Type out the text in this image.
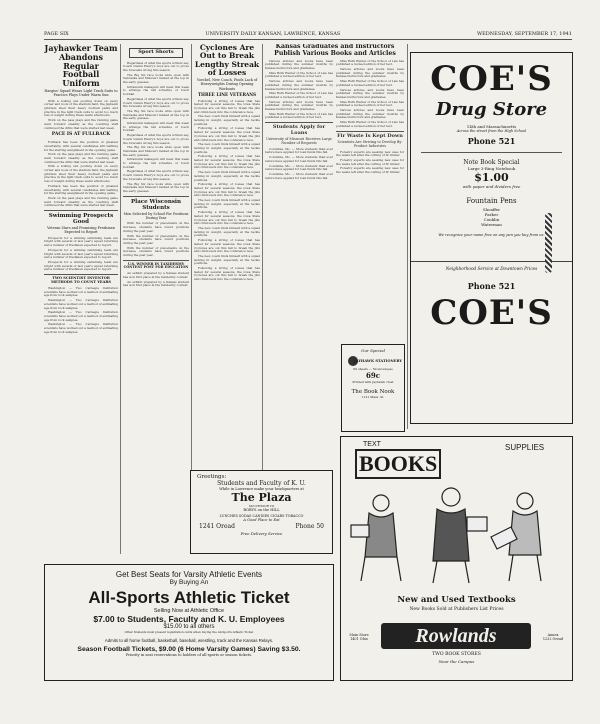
PAGE SIX	UNIVERSITY DAILY KANSAN, LAWRENCE, KANSAS	WEDNESDAY, SEPTEMBER 17, 1941
Jayhawker Team Abandons Regular Football Uniform
Hargiss' Squad Wears Light Track Suits to Practice Plays Under Warm Sun

With a boiling sun pouring down on every corner and nook of the stadium field, the Jayhawk gridders shed their heavy football pants and practice in the light track suits to avoid too much loss of weight during these warm afternoons.

Work on the pass plays and the running game went forward steadily as the coaching staff continued the drills that were started last week.

PACE IS AT FULLBACK

Fullback has been the position of greatest uncertainty, with several candidates still battling for the starting assignment in the opening game.

Work on the pass plays and the running game went forward steadily as the coaching staff continued the drills that were started last week.

With a boiling sun pouring down on every corner and nook of the stadium field, the Jayhawk gridders shed their heavy football pants and practice in the light track suits to avoid too much loss of weight during these warm afternoons.

Fullback has been the position of greatest uncertainty, with several candidates still battling for the starting assignment in the opening game.

Work on the pass plays and the running game went forward steadily as the coaching staff continued the drills that were started last week.

Swimming Prospects Good
Veteran Stars and Promising Freshmen Expected to Report

Prospects for a winning swimming team are bright with several of last year's squad returning and a number of freshmen expected to report.

Prospects for a winning swimming team are bright with several of last year's squad returning and a number of freshmen expected to report.

Prospects for a winning swimming team are bright with several of last year's squad returning and a number of freshmen expected to report.

TWO SCIENTIST INVENTOR METHODS TO COUNT YEARS

Washington — Two Carnegie Institution scientists have worked out a method of estimating age from rock samples.

Washington — Two Carnegie Institution scientists have worked out a method of estimating age from rock samples.

Washington — Two Carnegie Institution scientists have worked out a method of estimating age from rock samples.

Washington — Two Carnegie Institution scientists have worked out a method of estimating age from rock samples.

Sport Shorts

Regardless of what the sports writers say, Coach Gwinn Henry's boys are out to prove the forecasts wrong this season.

The Big Six race looks wide open with Nebraska and Missouri ranked at the top in the early guesses.

Intramural managers will meet this week to arrange the fall schedule of touch football.

Regardless of what the sports writers say, Coach Gwinn Henry's boys are out to prove the forecasts wrong this season.

The Big Six race looks wide open with Nebraska and Missouri ranked at the top in the early guesses.

Intramural managers will meet this week to arrange the fall schedule of touch football.

Regardless of what the sports writers say, Coach Gwinn Henry's boys are out to prove the forecasts wrong this season.

The Big Six race looks wide open with Nebraska and Missouri ranked at the top in the early guesses.

Intramural managers will meet this week to arrange the fall schedule of touch football.

Regardless of what the sports writers say, Coach Gwinn Henry's boys are out to prove the forecasts wrong this season.

The Big Six race looks wide open with Nebraska and Missouri ranked at the top in the early guesses.

Place Wisconsin Students
Men Selected by School For Positions During Year

With the number of placements on the increase, students have found positions during the past year.

With the number of placements on the increase, students have found positions during the past year.

With the number of placements on the increase, students have found positions during the past year.

U.S. WINNER IN TAXIDERMY CONTEST POST FOR EDUCATION

An exhibit prepared by a Kansas student has won first place in the taxidermy contest.

An exhibit prepared by a Kansas student has won first place in the taxidermy contest.

Cyclones Are Out to Break Lengthy Streak of Losses
Yoeckel, New Coach, Finds Lack of Heavyweights During Opening Workouts
THREE LINE VETERANS

Following a string of losses that has lasted for several seasons, the Iowa State Cyclones are out this fall to break the jinx and climb back into the conference race.

The new coach finds himself with a squad lacking in weight, especially at the tackle positions.

Following a string of losses that has lasted for several seasons, the Iowa State Cyclones are out this fall to break the jinx and climb back into the conference race.

The new coach finds himself with a squad lacking in weight, especially at the tackle positions.

Following a string of losses that has lasted for several seasons, the Iowa State Cyclones are out this fall to break the jinx and climb back into the conference race.

The new coach finds himself with a squad lacking in weight, especially at the tackle positions.

Following a string of losses that has lasted for several seasons, the Iowa State Cyclones are out this fall to break the jinx and climb back into the conference race.

The new coach finds himself with a squad lacking in weight, especially at the tackle positions.

Following a string of losses that has lasted for several seasons, the Iowa State Cyclones are out this fall to break the jinx and climb back into the conference race.

The new coach finds himself with a squad lacking in weight, especially at the tackle positions.

Following a string of losses that has lasted for several seasons, the Iowa State Cyclones are out this fall to break the jinx and climb back into the conference race.

The new coach finds himself with a squad lacking in weight, especially at the tackle positions.

Following a string of losses that has lasted for several seasons, the Iowa State Cyclones are out this fall to break the jinx and climb back into the conference race.

Kansas Graduates and Instructors Publish Various Books and Articles

Various articles and books have been published during the summer months by Kansas instructors and graduates.

Miss Ruth Hunter of the School of Law has published a revised edition of her text.

Various articles and books have been published during the summer months by Kansas instructors and graduates.

Miss Ruth Hunter of the School of Law has published a revised edition of her text.

Various articles and books have been published during the summer months by Kansas instructors and graduates.

Miss Ruth Hunter of the School of Law has published a revised edition of her text.

Students Apply for Loans
University of Missouri Receives Large Number of Requests

Columbia, Mo. — More students than ever before have applied for loan funds this fall.

Columbia, Mo. — More students than ever before have applied for loan funds this fall.

Columbia, Mo. — More students than ever before have applied for loan funds this fall.

Columbia, Mo. — More students than ever before have applied for loan funds this fall.

Miss Ruth Hunter of the School of Law has published a revised edition of her text.

Various articles and books have been published during the summer months by Kansas instructors and graduates.

Miss Ruth Hunter of the School of Law has published a revised edition of her text.

Various articles and books have been published during the summer months by Kansas instructors and graduates.

Miss Ruth Hunter of the School of Law has published a revised edition of her text.

Various articles and books have been published during the summer months by Kansas instructors and graduates.

Miss Ruth Hunter of the School of Law has published a revised edition of her text.

Fir Waste Is Kept Down
Scientists Are Striving to Develop By-Product Industries

Forestry experts are seeking new uses for the waste left after the cutting of fir timber.

Forestry experts are seeking new uses for the waste left after the cutting of fir timber.

Forestry experts are seeking new uses for the waste left after the cutting of fir timber.

COE'S
Drug Store
14th and Massachusetts
Across the street from the High School
Phone 521
Note Book Special
Large 3-Ring Notebook
$1.00
with paper and dividers free
Fountain Pens
Sheaffer
Parker
Conklin
Waterman
We recognize your name free on any pen you buy from us.
Neighborhood Service at Downtown Prices
Phone 521
COE'S
Our Special
JAYHAWK STATIONERY
60 sheets — 50 envelopes
69c
Printed with Jayhawk crest
The Book Nook
1121 Mass. St.
Greetings:
Students and Faculty of K. U.
While in Lawrence make your headquarters at
The Plaza
SUCCESSOR TO
BOBYS on the HILL
LUNCHES SODAS CANDIES CIGARS TOBACCO
A Good Place to Eat
1241 Oread	Phone 50
Free Delivery Service
Get Best Seats for Varsity Athletic Events
By Buying An
All-Sports Athletic Ticket
Selling Now at Athletic Office
$7.00 to Students, Faculty and K. U. Employees
$15.00 to all others
Other Students must present registration cards when buying the All-Sports Athletic Ticket
Admits to all home football, basketball, baseball, wrestling, track and the Kansas Relays.
Season Football Tickets, $9.00 (6 Home Varsity Games) Saving $3.50.
Priority in seat reservations to holders of all-sports or season tickets.
TEXT
BOOKS
SUPPLIES
New and Used Textbooks
New Books Sold at Publishers List Prices
Main Store
1401 Ohio	Rowlands	Annex
1232 Oread
TWO BOOK STORES
Near the Campus
